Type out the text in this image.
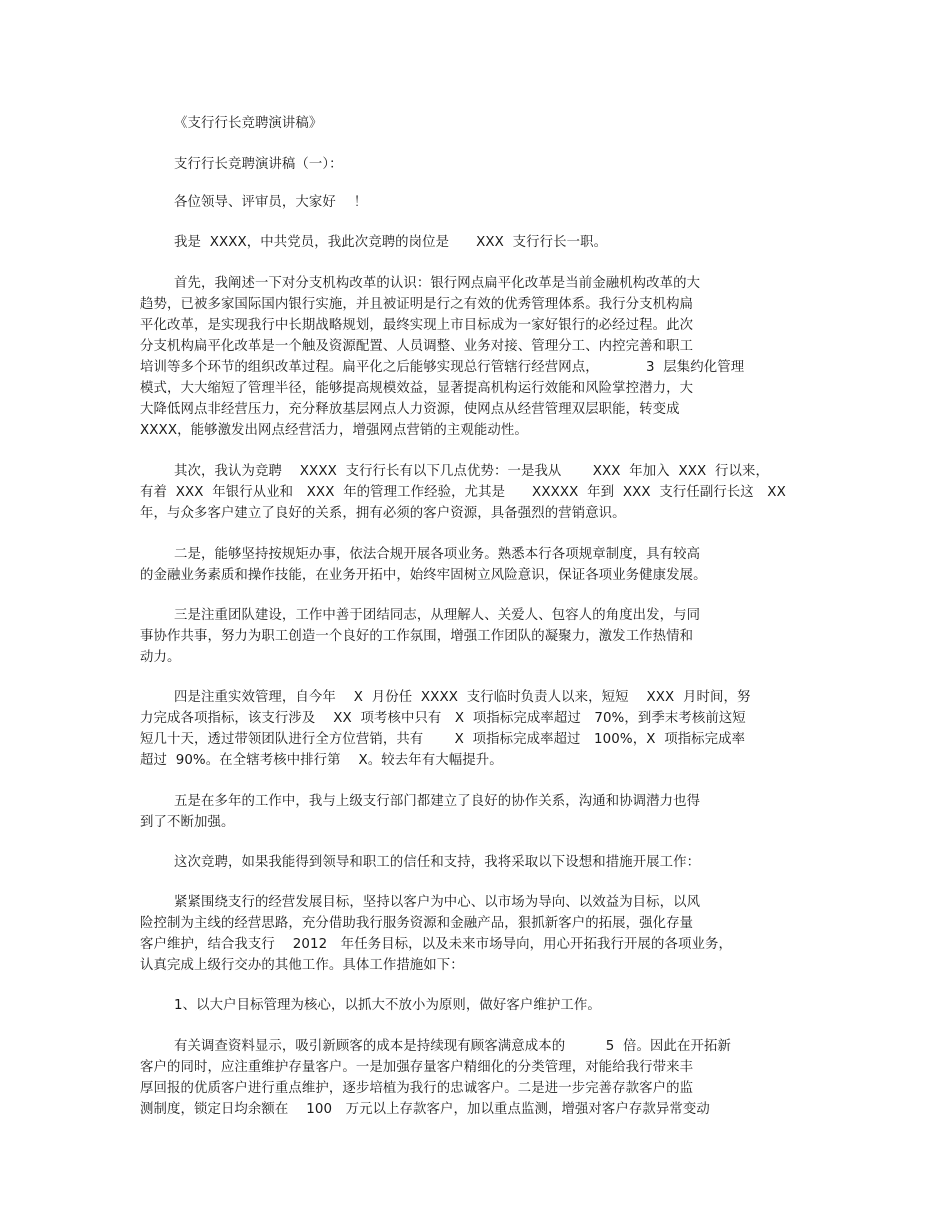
《支行行长竞聘演讲稿》
支行行长竞聘演讲稿（一）：
各位领导、评审员，大家好　 ！
我是  XXXX，中共党员，我此次竞聘的岗位是　　XXX  支行行长一职。
首先，我阐述一下对分支机构改革的认识：银行网点扁平化改革是当前金融机构改革的大
趋势，已被多家国际国内银行实施，并且被证明是行之有效的优秀管理体系。我行分支机构扁
平化改革，是实现我行中长期战略规划，最终实现上市目标成为一家好银行的必经过程。此次
分支机构扁平化改革是一个触及资源配置、人员调整、业务对接、管理分工、内控完善和职工
培训等多个环节的组织改革过程。扁平化之后能够实现总行管辖行经营网点，　　　　3  层集约化管理
模式，大大缩短了管理半径，能够提高规模效益，显著提高机构运行效能和风险掌控潜力，大
大降低网点非经营压力，充分释放基层网点人力资源，使网点从经营管理双层职能，转变成
XXXX，能够激发出网点经营活力，增强网点营销的主观能动性。
其次，我认为竞聘　 XXXX  支行行长有以下几点优势：一是我从　　 XXX  年加入  XXX  行以来，
有着  XXX  年银行从业和　XXX  年的管理工作经验，尤其是　　XXXXX  年到  XXX  支行任副行长这　XX
年，与众多客户建立了良好的关系，拥有必须的客户资源，具备强烈的营销意识。
二是，能够坚持按规矩办事，依法合规开展各项业务。熟悉本行各项规章制度，具有较高
的金融业务素质和操作技能，在业务开拓中，始终牢固树立风险意识，保证各项业务健康发展。
三是注重团队建设，工作中善于团结同志，从理解人、关爱人、包容人的角度出发，与同
事协作共事，努力为职工创造一个良好的工作氛围，增强工作团队的凝聚力，激发工作热情和
动力。
四是注重实效管理，自今年　 X  月份任  XXXX  支行临时负责人以来，短短　 XXX  月时间，努
力完成各项指标，该支行涉及　 XX  项考核中只有　X  项指标完成率超过　70%，到季末考核前这短
短几十天，透过带领团队进行全方位营销，共有　　 X  项指标完成率超过　100%，X  项指标完成率
超过  90%。在全辖考核中排行第　 X。较去年有大幅提升。
五是在多年的工作中，我与上级支行部门都建立了良好的协作关系，沟通和协调潜力也得
到了不断加强。
这次竞聘，如果我能得到领导和职工的信任和支持，我将采取以下设想和措施开展工作：
紧紧围绕支行的经营发展目标，坚持以客户为中心、以市场为导向、以效益为目标，以风
险控制为主线的经营思路，充分借助我行服务资源和金融产品，狠抓新客户的拓展，强化存量
客户维护，结合我支行　 2012　年任务目标，以及未来市场导向，用心开拓我行开展的各项业务，
认真完成上级行交办的其他工作。具体工作措施如下：
1、以大户目标管理为核心，以抓大不放小为原则，做好客户维护工作。
有关调查资料显示，吸引新顾客的成本是持续现有顾客满意成本的　　　5  倍。因此在开拓新
客户的同时，应注重维护存量客户。一是加强存量客户精细化的分类管理，对能给我行带来丰
厚回报的优质客户进行重点维护，逐步培植为我行的忠诚客户。二是进一步完善存款客户的监
测制度，锁定日均余额在　 100　万元以上存款客户，加以重点监测，增强对客户存款异常变动
